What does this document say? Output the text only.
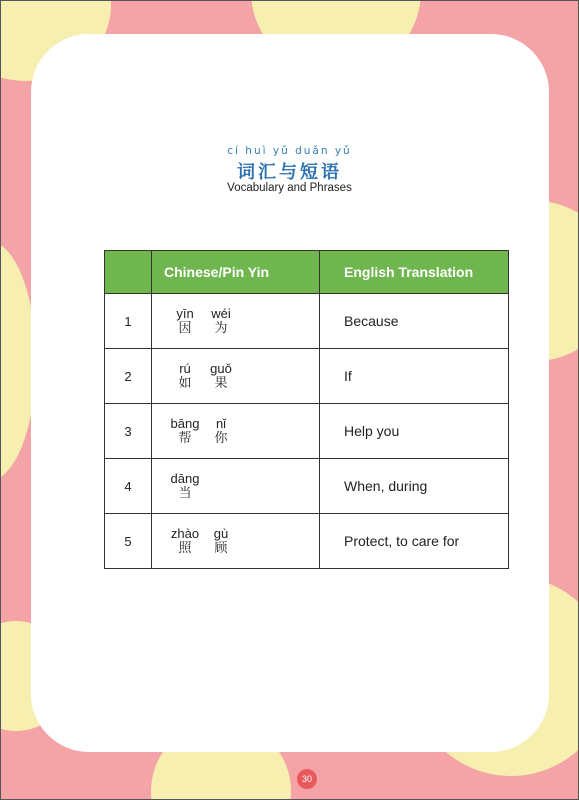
cí huì yǔ duǎn yǔ
词汇与短语
Vocabulary and Phrases
	Chinese/Pin Yin	English Translation
1	yīn
因
wéi
为	Because
2	rú
如
guǒ
果	If
3	bāng
帮
nǐ
你	Help you
4	dāng
当	When, during
5	zhào
照
gù
顾	Protect, to care for
30
